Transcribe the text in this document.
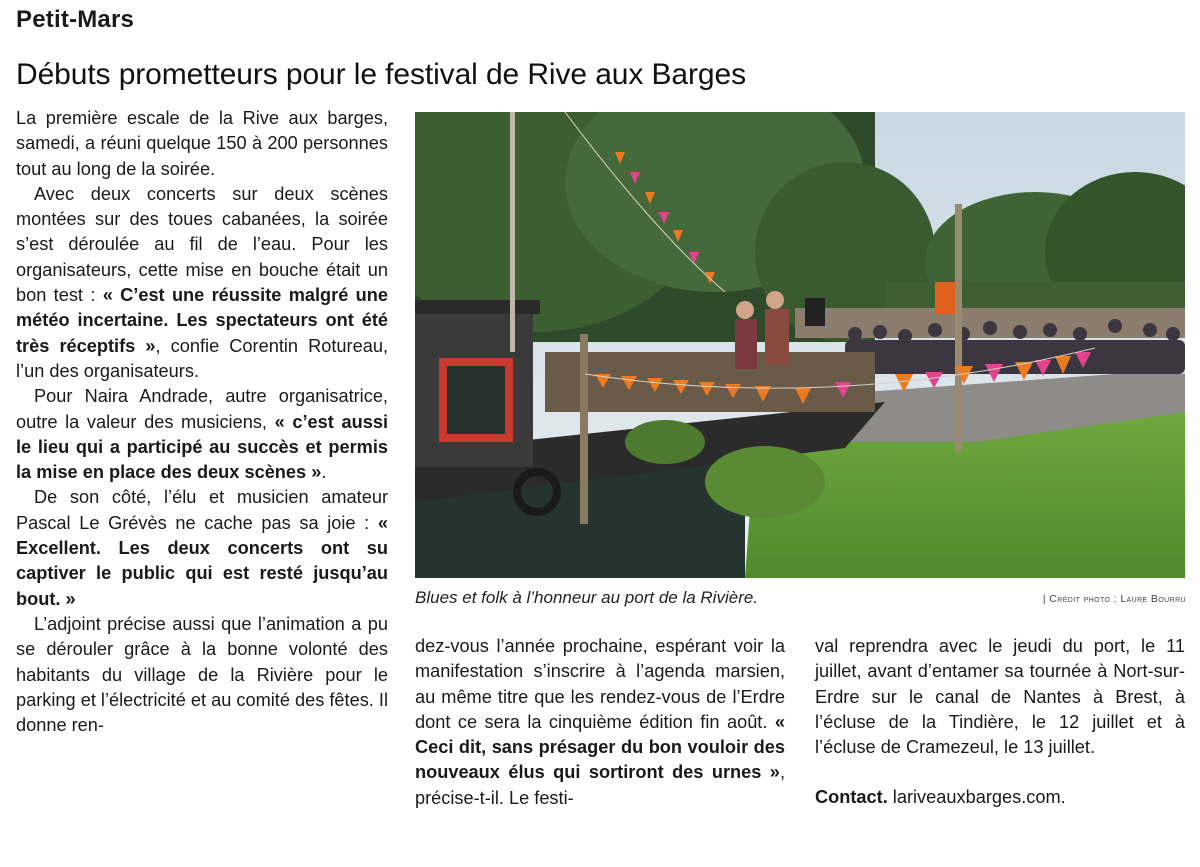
Petit-Mars
Débuts prometteurs pour le festival de Rive aux Barges

La première escale de la Rive aux barges, samedi, a réuni quelque 150 à 200 personnes tout au long de la soirée.

Avec deux concerts sur deux scènes montées sur des toues cabanées, la soirée s’est déroulée au fil de l’eau. Pour les organisateurs, cette mise en bouche était un bon test : « C’est une réussite malgré une météo incertaine. Les spectateurs ont été très réceptifs », confie Corentin Rotureau, l’un des organisateurs.

Pour Naira Andrade, autre organisatrice, outre la valeur des musiciens, « c’est aussi le lieu qui a participé au succès et permis la mise en place des deux scènes ».

De son côté, l’élu et musicien amateur Pascal Le Grévès ne cache pas sa joie : « Excellent. Les deux concerts ont su captiver le public qui est resté jusqu’au bout. »

L’adjoint précise aussi que l’animation a pu se dérouler grâce à la bonne volonté des habitants du village de la Rivière pour le parking et l’électricité et au comité des fêtes. Il donne ren-

dez-vous l’année prochaine, espérant voir la manifestation s’inscrire à l’agenda marsien, au même titre que les rendez-vous de l’Erdre dont ce sera la cinquième édition fin août. « Ceci dit, sans présager du bon vouloir des nouveaux élus qui sortiront des urnes », précise-t-il. Le festi-

val reprendra avec le jeudi du port, le 11 juillet, avant d’entamer sa tournée à Nort-sur-Erdre sur le canal de Nantes à Brest, à l’écluse de la Tindière, le 12 juillet et à l’écluse de Cramezeul, le 13 juillet.

Contact. lariveauxbarges.com.

Blues et folk à l’honneur au port de la Rivière.	| Crédit photo : Laure Bourru
